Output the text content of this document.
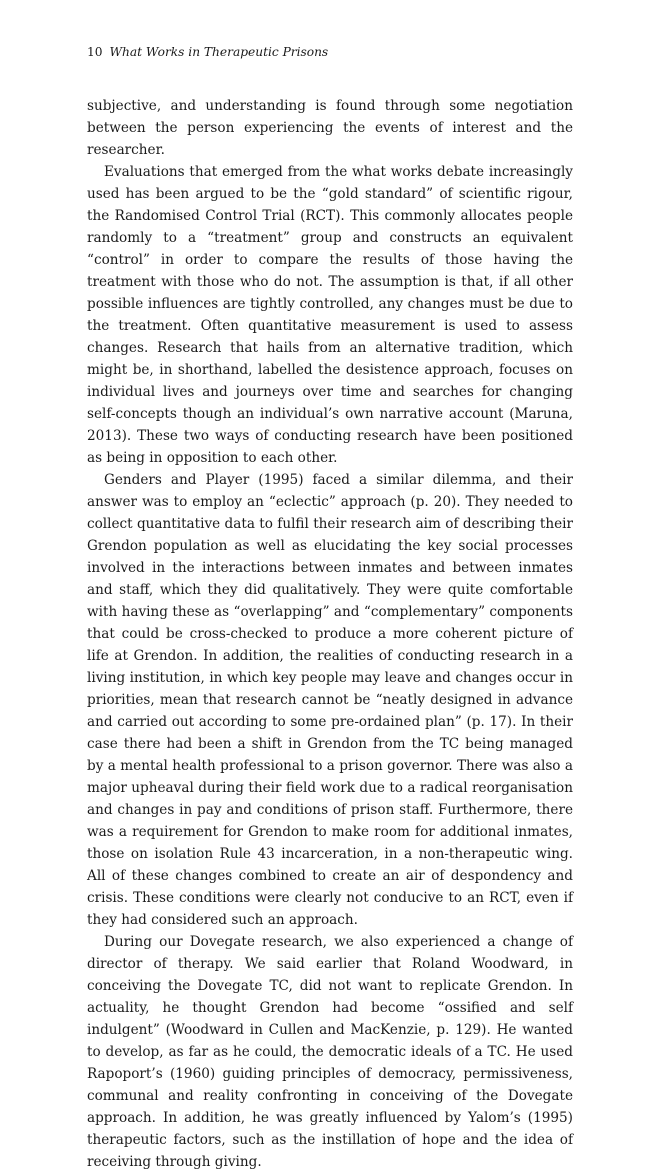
10 What Works in Therapeutic Prisons

subjective, and understanding is found through some negotiation between the person experiencing the events of interest and the researcher.

Evaluations that emerged from the what works debate increasingly used has been argued to be the “gold standard” of scientific rigour, the Randomised Control Trial (RCT). This commonly allocates people randomly to a “treatment” group and constructs an equivalent “control” in order to compare the results of those having the treatment with those who do not. The assumption is that, if all other possible influences are tightly controlled, any changes must be due to the treatment. Often quantitative measurement is used to assess changes. Research that hails from an alternative tradition, which might be, in shorthand, labelled the desistence approach, focuses on individual lives and journeys over time and searches for changing self-concepts though an individual’s own narrative account (Maruna, 2013). These two ways of conducting research have been positioned as being in opposition to each other.

Genders and Player (1995) faced a similar dilemma, and their answer was to employ an “eclectic” approach (p. 20). They needed to collect quantitative data to fulfil their research aim of describing their Grendon population as well as elucidating the key social processes involved in the interactions between inmates and between inmates and staff, which they did qualitatively. They were quite comfortable with having these as “overlapping” and “complementary” components that could be cross-checked to produce a more coherent picture of life at Grendon. In addition, the realities of conducting research in a living institution, in which key people may leave and changes occur in priorities, mean that research cannot be “neatly designed in advance and carried out according to some pre-ordained plan” (p. 17). In their case there had been a shift in Grendon from the TC being managed by a mental health professional to a prison governor. There was also a major upheaval during their field work due to a radical reorganisation and changes in pay and conditions of prison staff. Furthermore, there was a requirement for Grendon to make room for additional inmates, those on isolation Rule 43 incarceration, in a non-therapeutic wing. All of these changes combined to create an air of despondency and crisis. These conditions were clearly not conducive to an RCT, even if they had considered such an approach.

During our Dovegate research, we also experienced a change of director of therapy. We said earlier that Roland Woodward, in conceiving the Dovegate TC, did not want to replicate Grendon. In actuality, he thought Grendon had become “ossified and self indulgent” (Woodward in Cullen and MacKenzie, p. 129). He wanted to develop, as far as he could, the democratic ideals of a TC. He used Rapoport’s (1960) guiding principles of democracy, permissiveness, communal and reality confronting in conceiving of the Dovegate approach. In addition, he was greatly influenced by Yalom’s (1995) therapeutic factors, such as the instillation of hope and the idea of receiving through giving.
